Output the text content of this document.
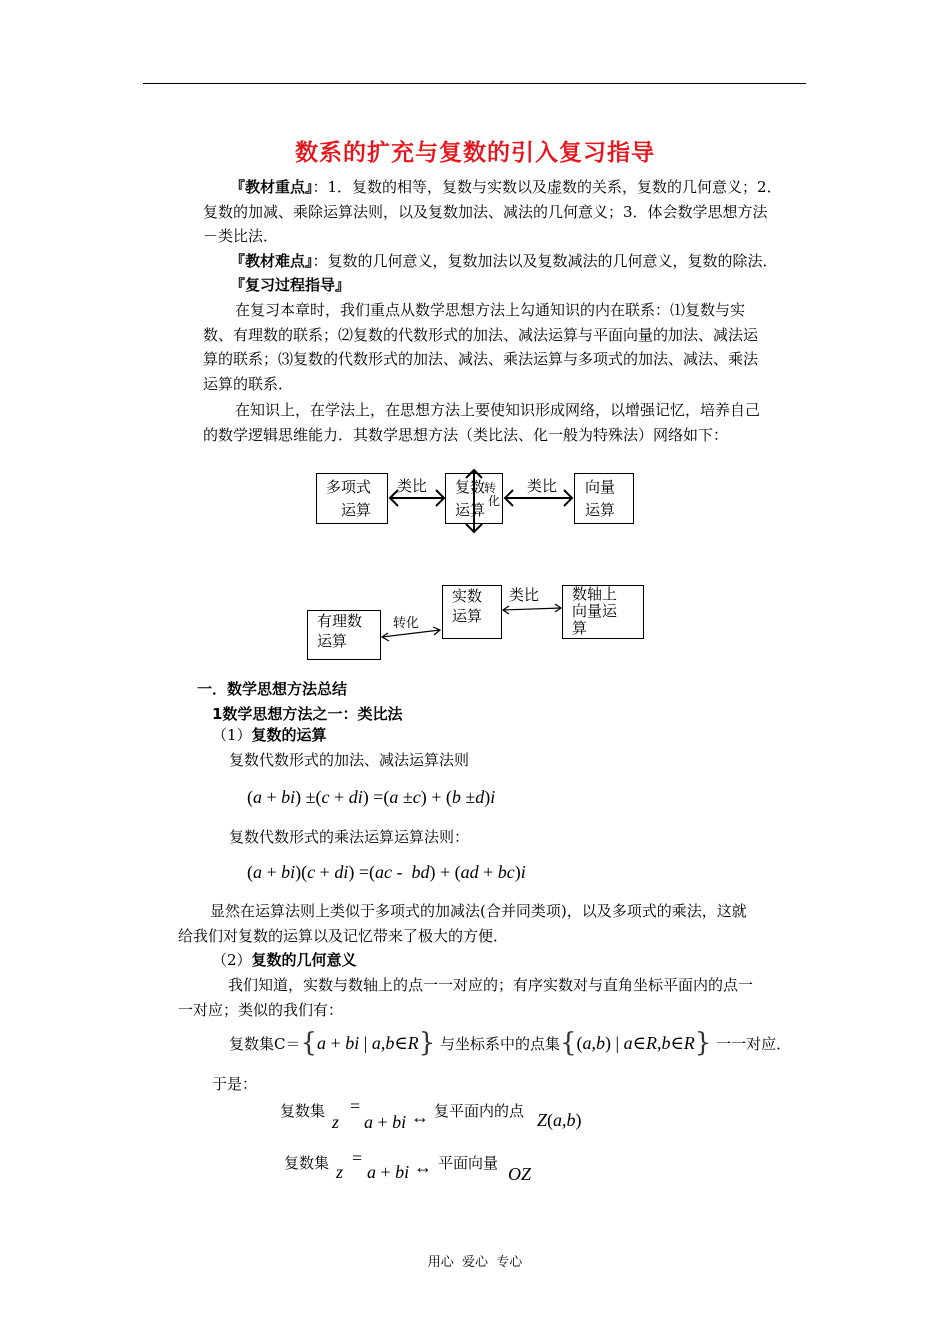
数系的扩充与复数的引入复习指导
『教材重点』：1．复数的相等，复数与实数以及虚数的关系，复数的几何意义；2．
复数的加减、乘除运算法则，以及复数加法、减法的几何意义；3．体会数学思想方法
－类比法．
『教材难点』：复数的几何意义，复数加法以及复数减法的几何意义，复数的除法．
『复习过程指导』
在复习本章时，我们重点从数学思想方法上勾通知识的内在联系：⑴复数与实
数、有理数的联系；⑵复数的代数形式的加法、减法运算与平面向量的加法、减法运
算的联系；⑶复数的代数形式的加法、减法、乘法运算与多项式的加法、减法、乘法
运算的联系．
在知识上，在学法上，在思想方法上要使知识形成网络，以增强记忆，培养自己
的数学逻辑思维能力．其数学思想方法（类比法、化一般为特殊法）网络如下：
多项式
运算
复数
运算
向量
运算
类比	类比
转
化
有理数
运算
实数
运算
数轴上
向量运
算
转化
类比
一．数学思想方法总结
1数学思想方法之一：类比法
（1）复数的运算
复数代数形式的加法、减法运算法则
(a + bi) ±(c + di) =(a ±c) + (b ±d)i
复数代数形式的乘法运算运算法则：
(a + bi)(c + di) =(ac -  bd) + (ad + bc)i
显然在运算法则上类似于多项式的加减法(合并同类项)，以及多项式的乘法，这就
给我们对复数的运算以及记忆带来了极大的方便．
（2）复数的几何意义
我们知道，实数与数轴上的点一一对应的；有序实数对与直角坐标平面内的点一
一对应；类似的我们有：
复数集C＝{a + bi | a,b∈R} 与坐标系中的点集{(a,b) | a∈R,b∈R} 一一对应．
于是：
复数集
z
=
a + bi ↔ 复平面内的点 Z(a,b)
复数集 z
=
a + bi ↔ 平面向量
OZ
用心  爱心  专心
